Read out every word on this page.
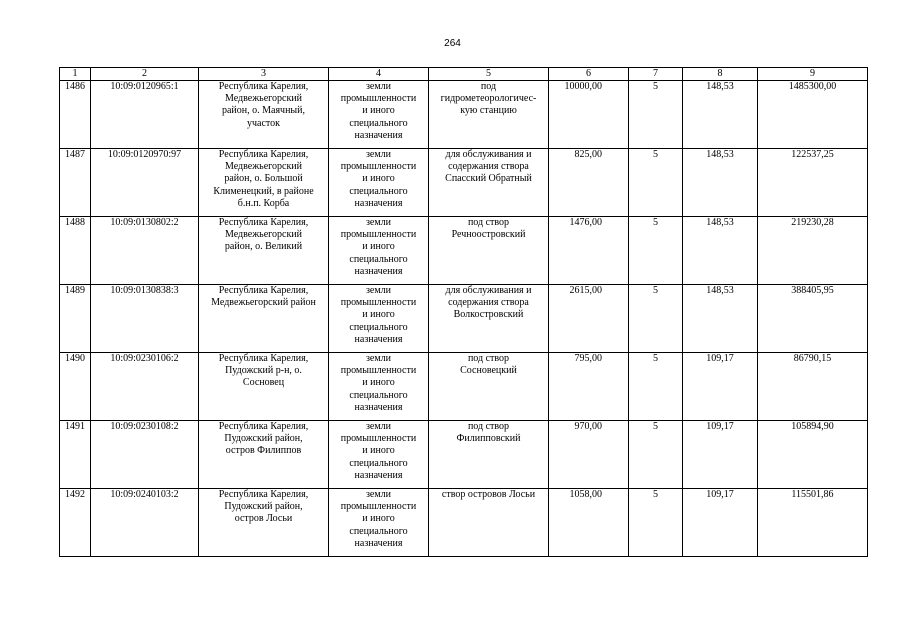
264
1	2	3	4	5	6	7	8	9
1486	10:09:0120965:1	Республика Карелия,
Медвежьегорский
район, о. Маячный,
участок	земли
промышленности
и иного
специального
назначения	под
гидрометеорологичес-
кую станцию	10000,00	5	148,53	1485300,00
1487	10:09:0120970:97	Республика Карелия,
Медвежьегорский
район, о. Большой
Клименецкий, в районе
б.н.п. Корба	земли
промышленности
и иного
специального
назначения	для обслуживания и
содержания створа
Спасский Обратный	825,00	5	148,53	122537,25
1488	10:09:0130802:2	Республика Карелия,
Медвежьегорский
район, о. Великий	земли
промышленности
и иного
специального
назначения	под створ
Речноостровский	1476,00	5	148,53	219230,28
1489	10:09:0130838:3	Республика Карелия,
Медвежьегорский район	земли
промышленности
и иного
специального
назначения	для обслуживания и
содержания створа
Волкостровский	2615,00	5	148,53	388405,95
1490	10:09:0230106:2	Республика Карелия,
Пудожский р-н, о.
Сосновец	земли
промышленности
и иного
специального
назначения	под створ
Сосновецкий	795,00	5	109,17	86790,15
1491	10:09:0230108:2	Республика Карелия,
Пудожский район,
остров Филиппов	земли
промышленности
и иного
специального
назначения	под створ
Филипповский	970,00	5	109,17	105894,90
1492	10:09:0240103:2	Республика Карелия,
Пудожский район,
остров Лосьи	земли
промышленности
и иного
специального
назначения	створ островов Лосьи	1058,00	5	109,17	115501,86
